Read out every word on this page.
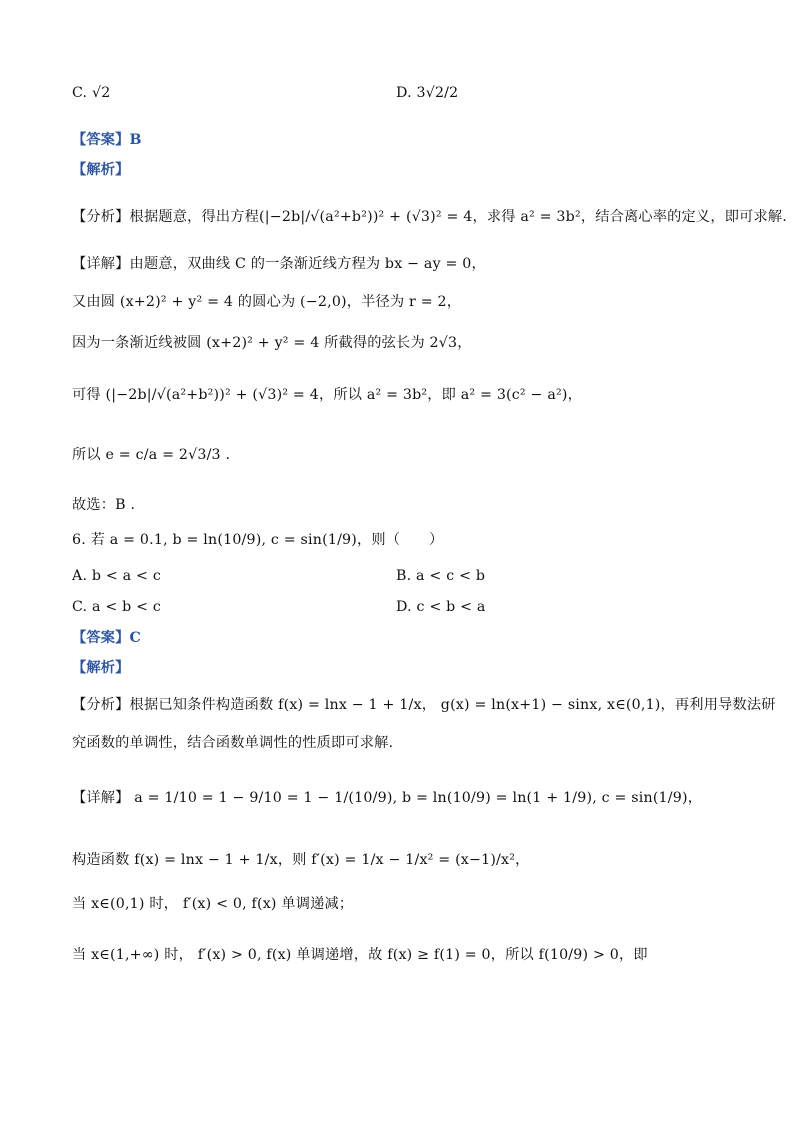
C. √2	D. 3√2/2
【答案】B
【解析】
【分析】根据题意，得出方程(|−2b|/√(a²+b²))² + (√3)² = 4，求得 a² = 3b²，结合离心率的定义，即可求解.
【详解】由题意，双曲线 C 的一条渐近线方程为 bx − ay = 0，
又由圆 (x+2)² + y² = 4 的圆心为 (−2,0)，半径为 r = 2，
因为一条渐近线被圆 (x+2)² + y² = 4 所截得的弦长为 2√3，
可得 (|−2b|/√(a²+b²))² + (√3)² = 4，所以 a² = 3b²，即 a² = 3(c² − a²)，
所以 e = c/a = 2√3/3 .
故选：B .
6. 若 a = 0.1, b = ln(10/9), c = sin(1/9)，则（　　）
A. b < a < c	B. a < c < b
C. a < b < c	D. c < b < a
【答案】C
【解析】
【分析】根据已知条件构造函数 f(x) = lnx − 1 + 1/x， g(x) = ln(x+1) − sinx, x∈(0,1)，再利用导数法研
究函数的单调性，结合函数单调性的性质即可求解.
【详解】 a = 1/10 = 1 − 9/10 = 1 − 1/(10/9), b = ln(10/9) = ln(1 + 1/9), c = sin(1/9)，
构造函数 f(x) = lnx − 1 + 1/x，则 f′(x) = 1/x − 1/x² = (x−1)/x²，
当 x∈(0,1) 时， f′(x) < 0, f(x) 单调递减；
当 x∈(1,+∞) 时， f′(x) > 0, f(x) 单调递增，故 f(x) ≥ f(1) = 0，所以 f(10/9) > 0，即
